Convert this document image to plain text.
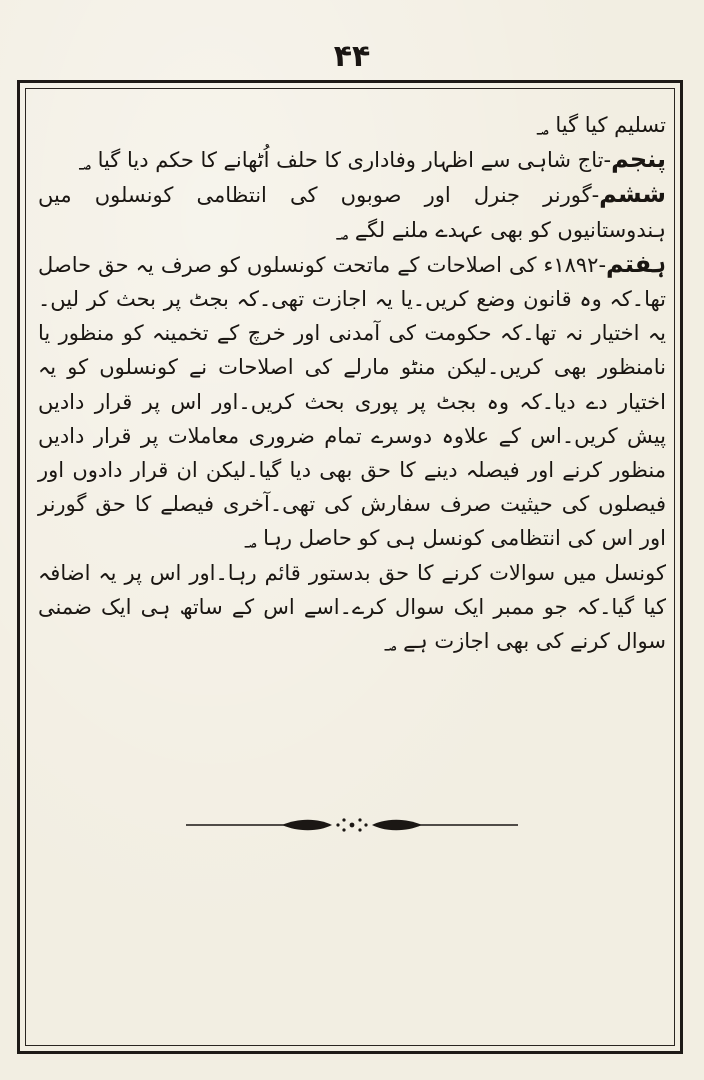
۴۴

تسلیم کیا گیا ؃

پنجم-تاج شاہی سے اظہار وفاداری کا حلف اُٹھانے کا حکم دیا گیا ؃

ششم-گورنر جنرل اور صوبوں کی انتظامی کونسلوں میں ہندوستانیوں کو بھی عہدے ملنے لگے ؃

ہفتم-۱۸۹۲ء کی اصلاحات کے ماتحت کونسلوں کو صرف یہ حق حاصل تھا۔کہ وہ قانون وضع کریں۔یا یہ اجازت تھی۔کہ بجٹ پر بحث کر لیں۔یہ اختیار نہ تھا۔کہ حکومت کی آمدنی اور خرچ کے تخمینہ کو منظور یا نامنظور بھی کریں۔لیکن منٹو مارلے کی اصلاحات نے کونسلوں کو یہ اختیار دے دیا۔کہ وہ بجٹ پر پوری بحث کریں۔اور اس پر قرار دادیں پیش کریں۔اس کے علاوہ دوسرے تمام ضروری معاملات پر قرار دادیں منظور کرنے اور فیصلہ دینے کا حق بھی دیا گیا۔لیکن ان قرار دادوں اور فیصلوں کی حیثیت صرف سفارش کی تھی۔آخری فیصلے کا حق گورنر اور اس کی انتظامی کونسل ہی کو حاصل رہا ؃

کونسل میں سوالات کرنے کا حق بدستور قائم رہا۔اور اس پر یہ اضافہ کیا گیا۔کہ جو ممبر ایک سوال کرے۔اسے اس کے ساتھ ہی ایک ضمنی سوال کرنے کی بھی اجازت ہے ؃
